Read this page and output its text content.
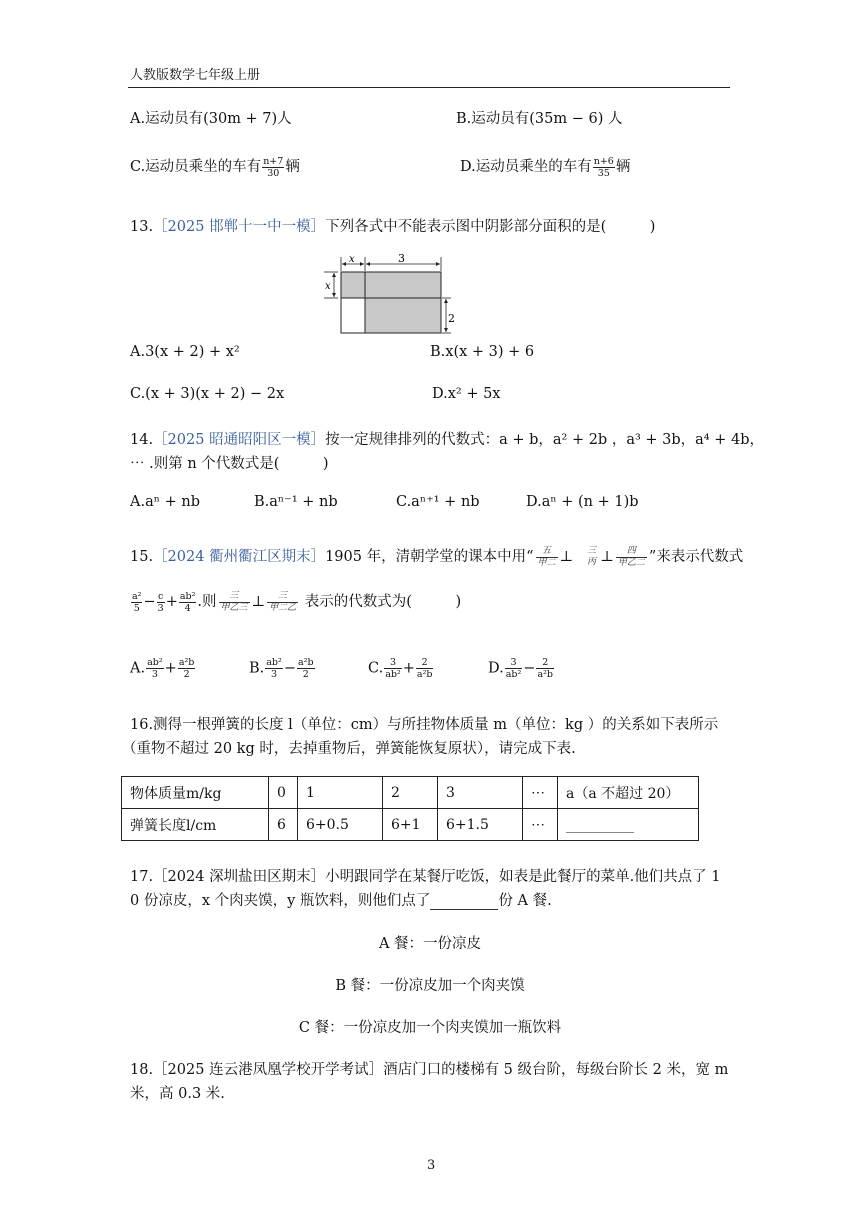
人教版数学七年级上册
A.运动员有(30m + 7)人	B.运动员有(35m − 6) 人
C.运动员乘坐的车有 $\frac{n+7}{30}$ 辆	D.运动员乘坐的车有 $\frac{n+6}{35}$ 辆
13.［2025 邯郸十一中一模］下列各式中不能表示图中阴影部分面积的是(　　　)
x	3
x
2
A.3(x + 2) + x²	B.x(x + 3) + 6
C.(x + 3)(x + 2) − 2x	D.x² + 5x
14.［2025 昭通昭阳区一模］按一定规律排列的代数式：a + b，a² + 2b ，a³ + 3b，a⁴ + 4b，
⋯ .则第 n 个代数式是(　　　)
A.aⁿ + nb	B.aⁿ⁻¹ + nb	C.aⁿ⁺¹ + nb	D.aⁿ + (n + 1)b
15.［2024 衢州衢江区期末］1905 年，清朝学堂的课本中用“ $\frac{\text{五}}{\text{甲二}}$ ⊥ 三
丙 ⊥ $\frac{\text{四}}{\text{甲乙二}}$ ”来表示代数式
$\frac{\text{a²}}{5} - \frac{c}{3} + \frac{\text{ab²}}{4}$ .则 $\frac{\text{三}}{\text{甲乙三}}$ ⊥ $\frac{\text{三}}{\text{甲二乙}}$ 表示的代数式为(　　　)
A. $\frac{\text{ab²}}{3} + \frac{\text{a²b}}{2}$	B. $\frac{\text{ab²}}{3} - \frac{\text{a²b}}{2}$	C. $\frac{3}{\text{ab²}} + \frac{2}{\text{a²b}}$	D. $\frac{3}{\text{ab²}} - \frac{2}{\text{a²b}}$
16.测得一根弹簧的长度 l（单位：cm）与所挂物体质量 m（单位：kg ）的关系如下表所示
（重物不超过 20 kg 时，去掉重物后，弹簧能恢复原状），请完成下表.
物体质量m/kg	0	1	2	3	⋯	a（a 不超过 20）
弹簧长度l/cm	6	6+0.5	6+1	6+1.5	⋯	
17.［2024 深圳盐田区期末］小明跟同学在某餐厅吃饭，如表是此餐厅的菜单.他们共点了 1
0 份凉皮，x 个肉夹馍，y 瓶饮料，则他们点了	份 A 餐.
A 餐：一份凉皮
B 餐：一份凉皮加一个肉夹馍
C 餐：一份凉皮加一个肉夹馍加一瓶饮料
18.［2025 连云港凤凰学校开学考试］酒店门口的楼梯有 5 级台阶，每级台阶长 2 米，宽 m
米，高 0.3 米.
3
